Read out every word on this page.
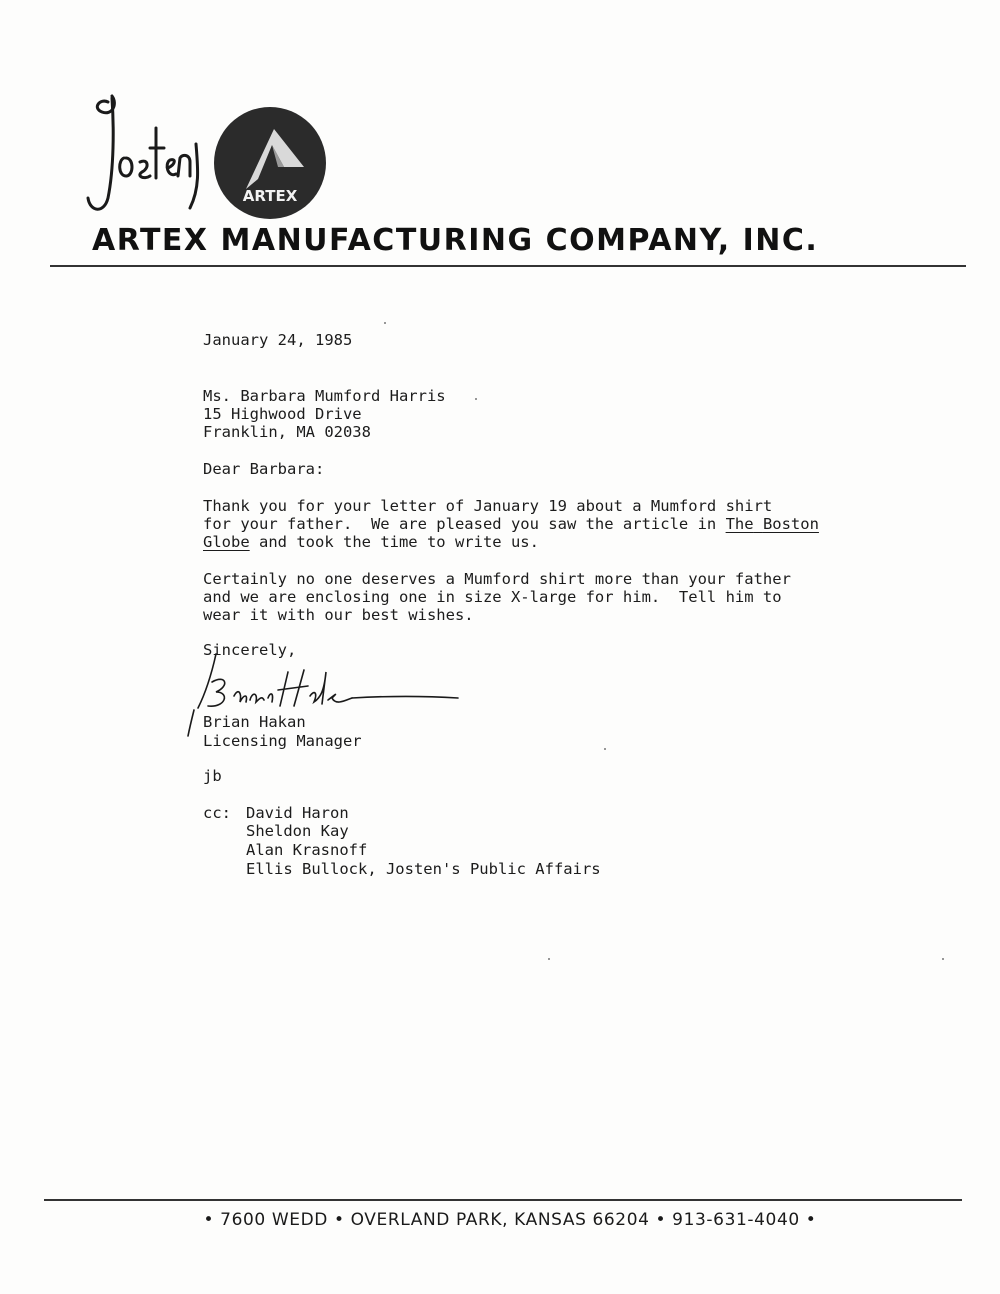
ARTEX
ARTEX MANUFACTURING COMPANY, INC.
January 24, 1985
Ms. Barbara Mumford Harris
15 Highwood Drive
Franklin, MA 02038
Dear Barbara:
Thank you for your letter of January 19 about a Mumford shirt
for your father.  We are pleased you saw the article in The Boston
Globe and took the time to write us.
Certainly no one deserves a Mumford shirt more than your father
and we are enclosing one in size X-large for him.  Tell him to
wear it with our best wishes.
Sincerely,
Brian Hakan
Licensing Manager
jb
cc: David Haron
Sheldon Kay
Alan Krasnoff
Ellis Bullock, Josten's Public Affairs
• 7600 WEDD • OVERLAND PARK, KANSAS 66204 • 913-631-4040 •
